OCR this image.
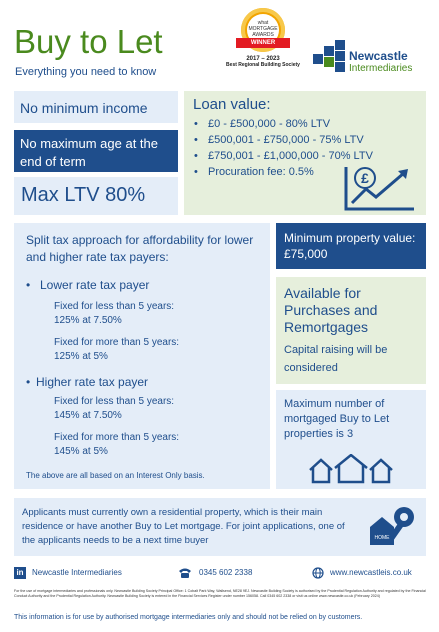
Buy to Let
Everything you need to know
what MORTGAGE AWARDS
WINNER
2017 – 2023
Best Regional Building Society
Newcastle
Intermediaries
No minimum income
No maximum age at the end of term
Max LTV 80%
Loan value:
• £0 - £500,000 - 80% LTV
• £500,001 - £750,000 - 75% LTV
• £750,001 - £1,000,000 - 70% LTV
• Procuration fee: 0.5%	£
Split tax approach for affordability for lower and higher rate tax payers:
• Lower rate tax payer
Fixed for less than 5 years:
125% at 7.50%
Fixed for more than 5 years:
125% at 5%
• Higher rate tax payer
Fixed for less than 5 years:
145% at 7.50%
Fixed for more than 5 years:
145% at 5%
The above are all based on an Interest Only basis.
Minimum property value: £75,000
Available for Purchases and Remortgages
Capital raising will be considered
Maximum number of mortgaged Buy to Let properties is 3
Applicants must currently own a residential property, which is their main residence or have another Buy to Let mortgage. For joint applications, one of the applicants needs to be a next time buyer	HOME
in	Newcastle Intermediaries	0345 602 2338	www.newcastleis.co.uk
For the use of mortgage intermediaries and professionals only. Newcastle Building Society Principal Office: 1 Cobalt Park Way, Wallsend, NE28 9EJ. Newcastle Building Society is authorised by the Prudential Regulation Authority and regulated by the Financial Conduct Authority and the Prudential Regulation Authority. Newcastle Building Society is entered in the Financial Services Register under number 156058. Call 0345 602 2338 or visit us online www.newcastle.co.uk (February 2024)
This information is for use by authorised mortgage intermediaries only and should not be relied on by customers.
